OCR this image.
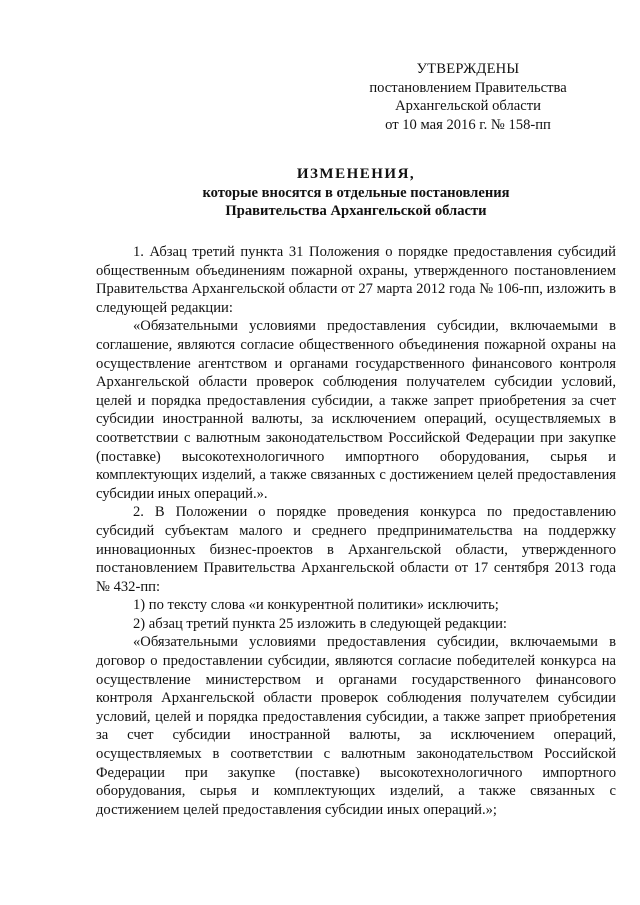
УТВЕРЖДЕНЫ
постановлением Правительства
Архангельской области
от 10 мая 2016 г. № 158-пп
ИЗМЕНЕНИЯ,
которые вносятся в отдельные постановления
Правительства Архангельской области

1. Абзац третий пункта 31 Положения о порядке предоставления субсидий общественным объединениям пожарной охраны, утвержденного постановлением Правительства Архангельской области от 27 марта 2012 года № 106-пп, изложить в следующей редакции:

«Обязательными условиями предоставления субсидии, включаемыми в соглашение, являются согласие общественного объединения пожарной охраны на осуществление агентством и органами государственного финансового контроля Архангельской области проверок соблюдения получателем субсидии условий, целей и порядка предоставления субсидии, а также запрет приобретения за счет субсидии иностранной валюты, за исключением операций, осуществляемых в соответствии с валютным законодательством Российской Федерации при закупке (поставке) высокотехнологичного импортного оборудования, сырья и комплектующих изделий, а также связанных с достижением целей предоставления субсидии иных операций.».

2. В Положении о порядке проведения конкурса по предоставлению субсидий субъектам малого и среднего предпринимательства на поддержку инновационных бизнес-проектов в Архангельской области, утвержденного постановлением Правительства Архангельской области от 17 сентября 2013 года № 432-пп:

1) по тексту слова «и конкурентной политики» исключить;

2) абзац третий пункта 25 изложить в следующей редакции:

«Обязательными условиями предоставления субсидии, включаемыми в договор о предоставлении субсидии, являются согласие победителей конкурса на осуществление министерством и органами государственного финансового контроля Архангельской области проверок соблюдения получателем субсидии условий, целей и порядка предоставления субсидии, а также запрет приобретения за счет субсидии иностранной валюты, за исключением операций, осуществляемых в соответствии с валютным законодательством Российской Федерации при закупке (поставке) высокотехнологичного импортного оборудования, сырья и комплектующих изделий, а также связанных с достижением целей предоставления субсидии иных операций.»;
